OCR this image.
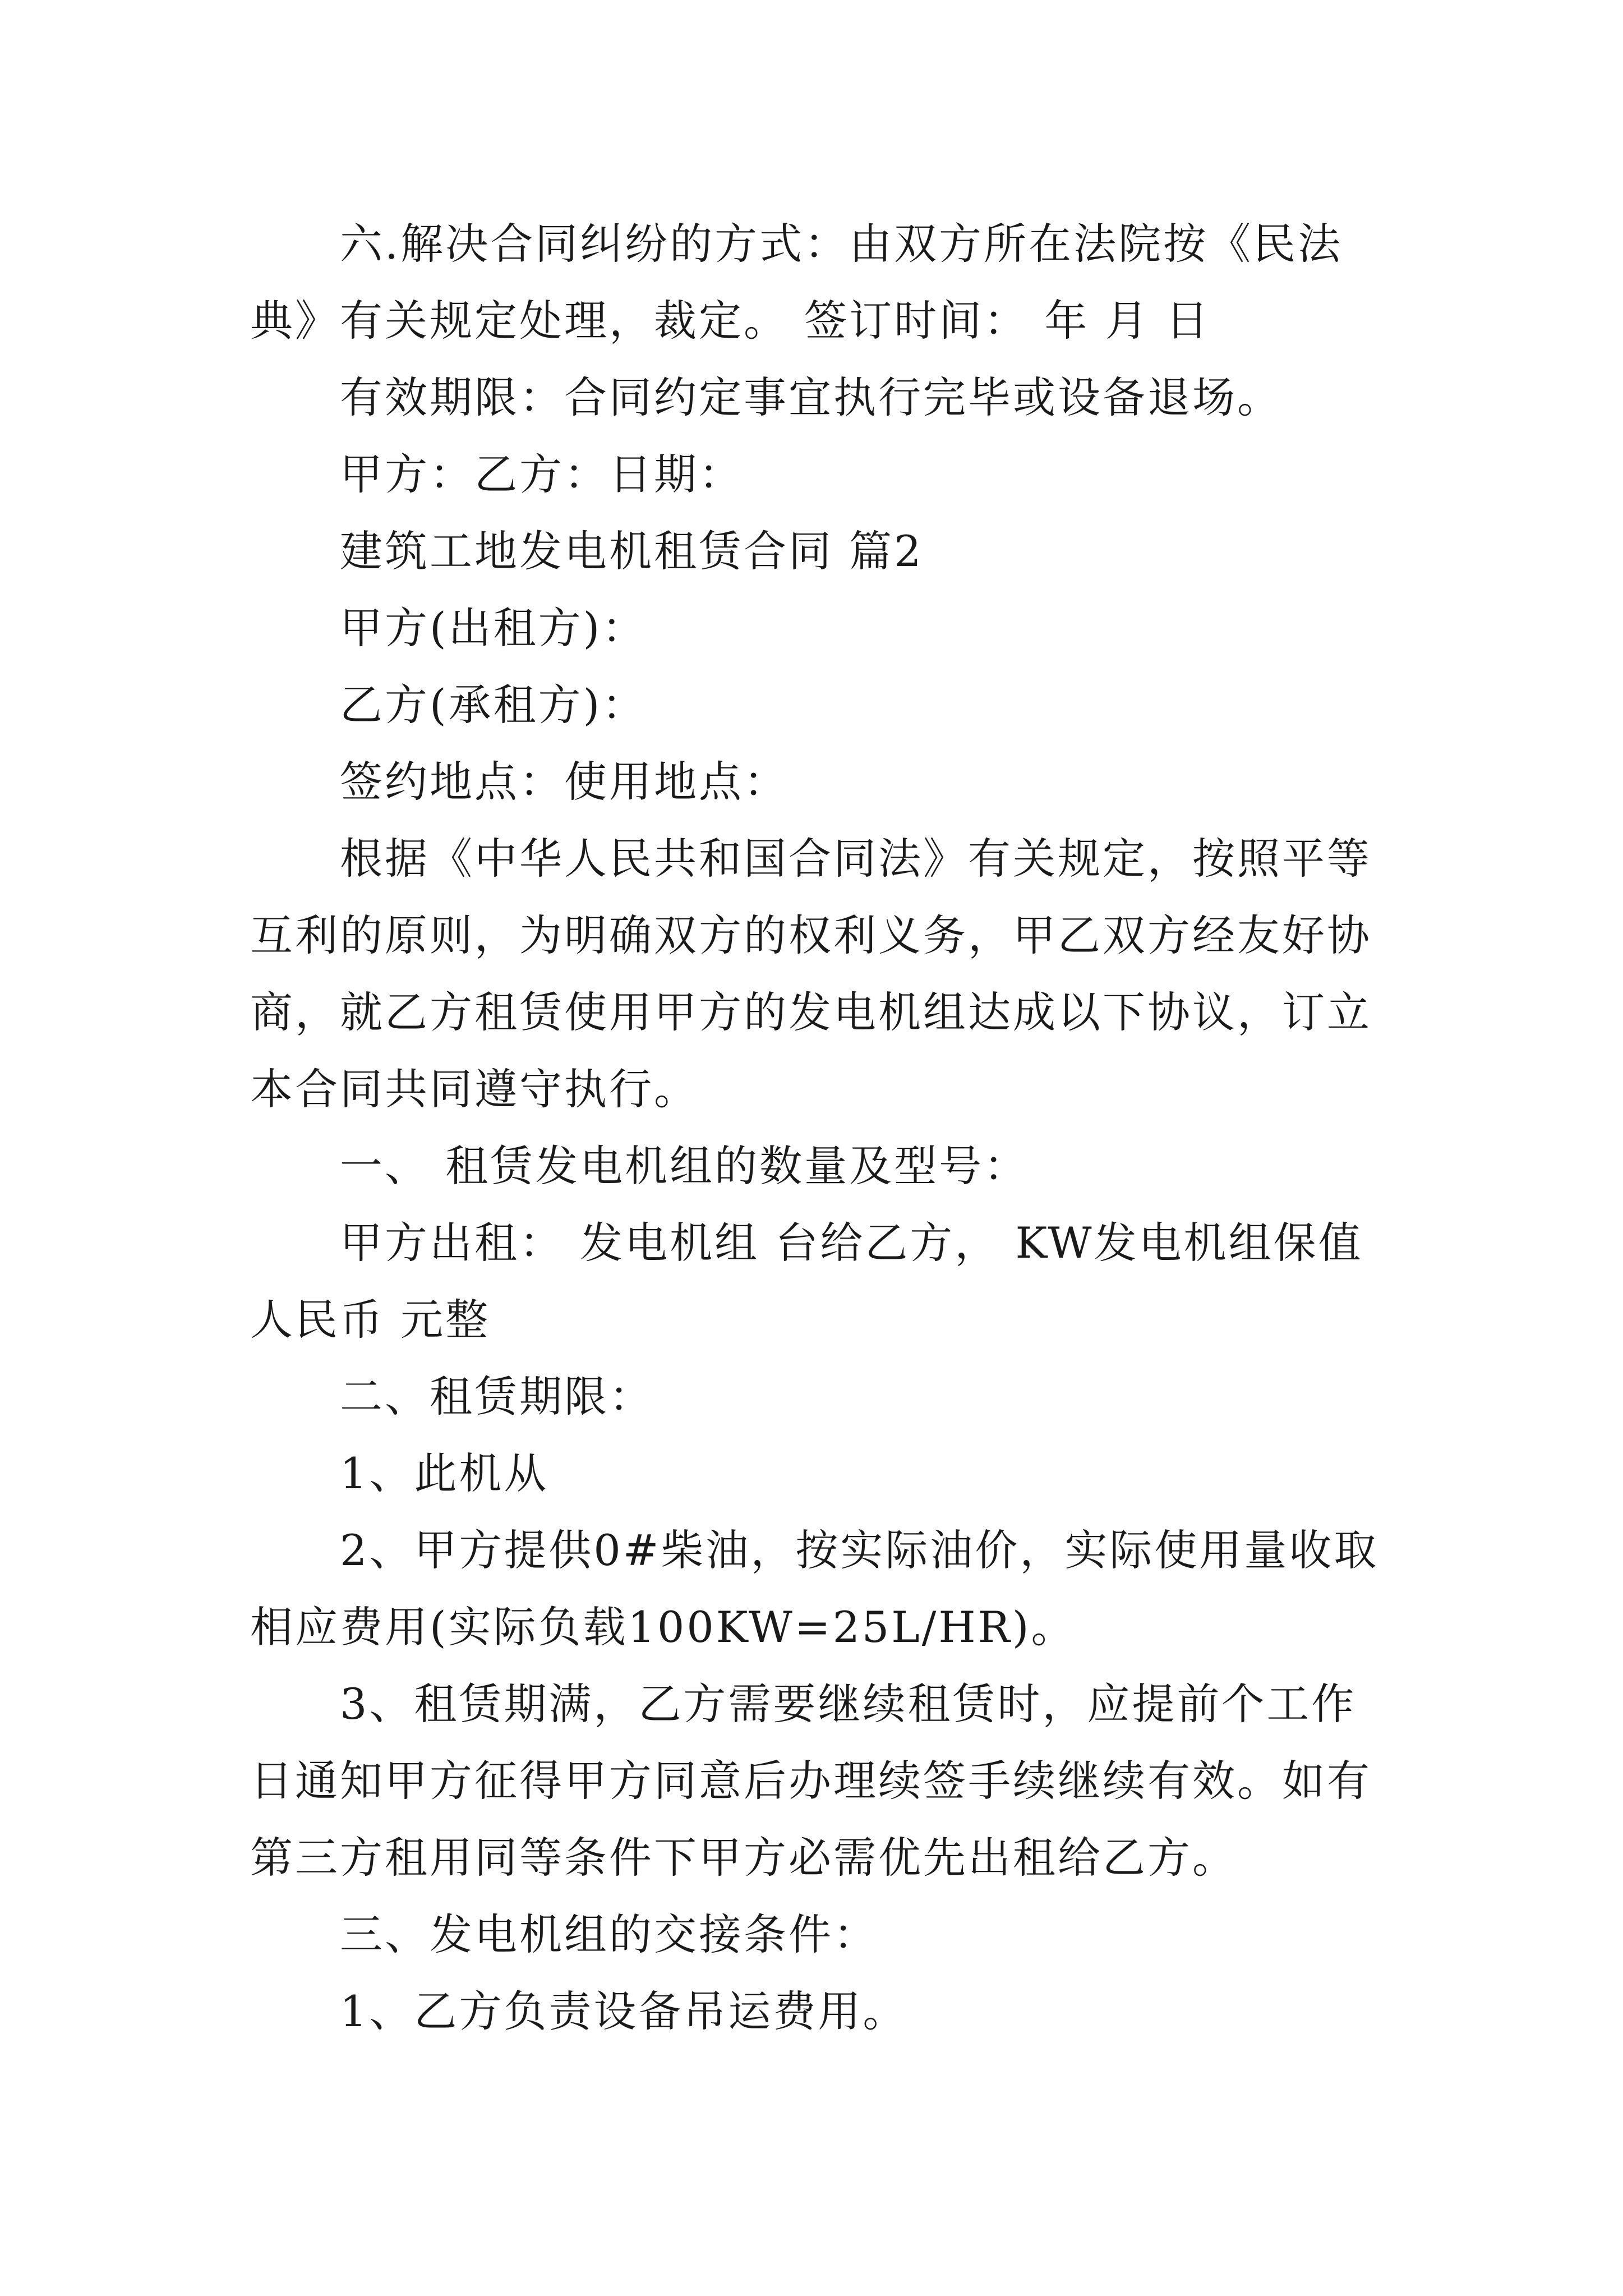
六.解决合同纠纷的方式：由双方所在法院按《民法典》有关规定处理，裁定。 签订时间： 年 月 日

有效期限：合同约定事宜执行完毕或设备退场。

甲方：乙方：日期：

建筑工地发电机租赁合同 篇2

甲方(出租方)：

乙方(承租方)：

签约地点：使用地点：

根据《中华人民共和国合同法》有关规定，按照平等互利的原则，为明确双方的权利义务，甲乙双方经友好协商，就乙方租赁使用甲方的发电机组达成以下协议，订立本合同共同遵守执行。

一、 租赁发电机组的数量及型号：

甲方出租： 发电机组 台给乙方， KW发电机组保值人民币 元整

二、租赁期限：

1、此机从

2、甲方提供0#柴油，按实际油价，实际使用量收取相应费用(实际负载100KW=25L/HR)。

3、租赁期满，乙方需要继续租赁时，应提前个工作日通知甲方征得甲方同意后办理续签手续继续有效。如有第三方租用同等条件下甲方必需优先出租给乙方。

三、发电机组的交接条件：

1、乙方负责设备吊运费用。
